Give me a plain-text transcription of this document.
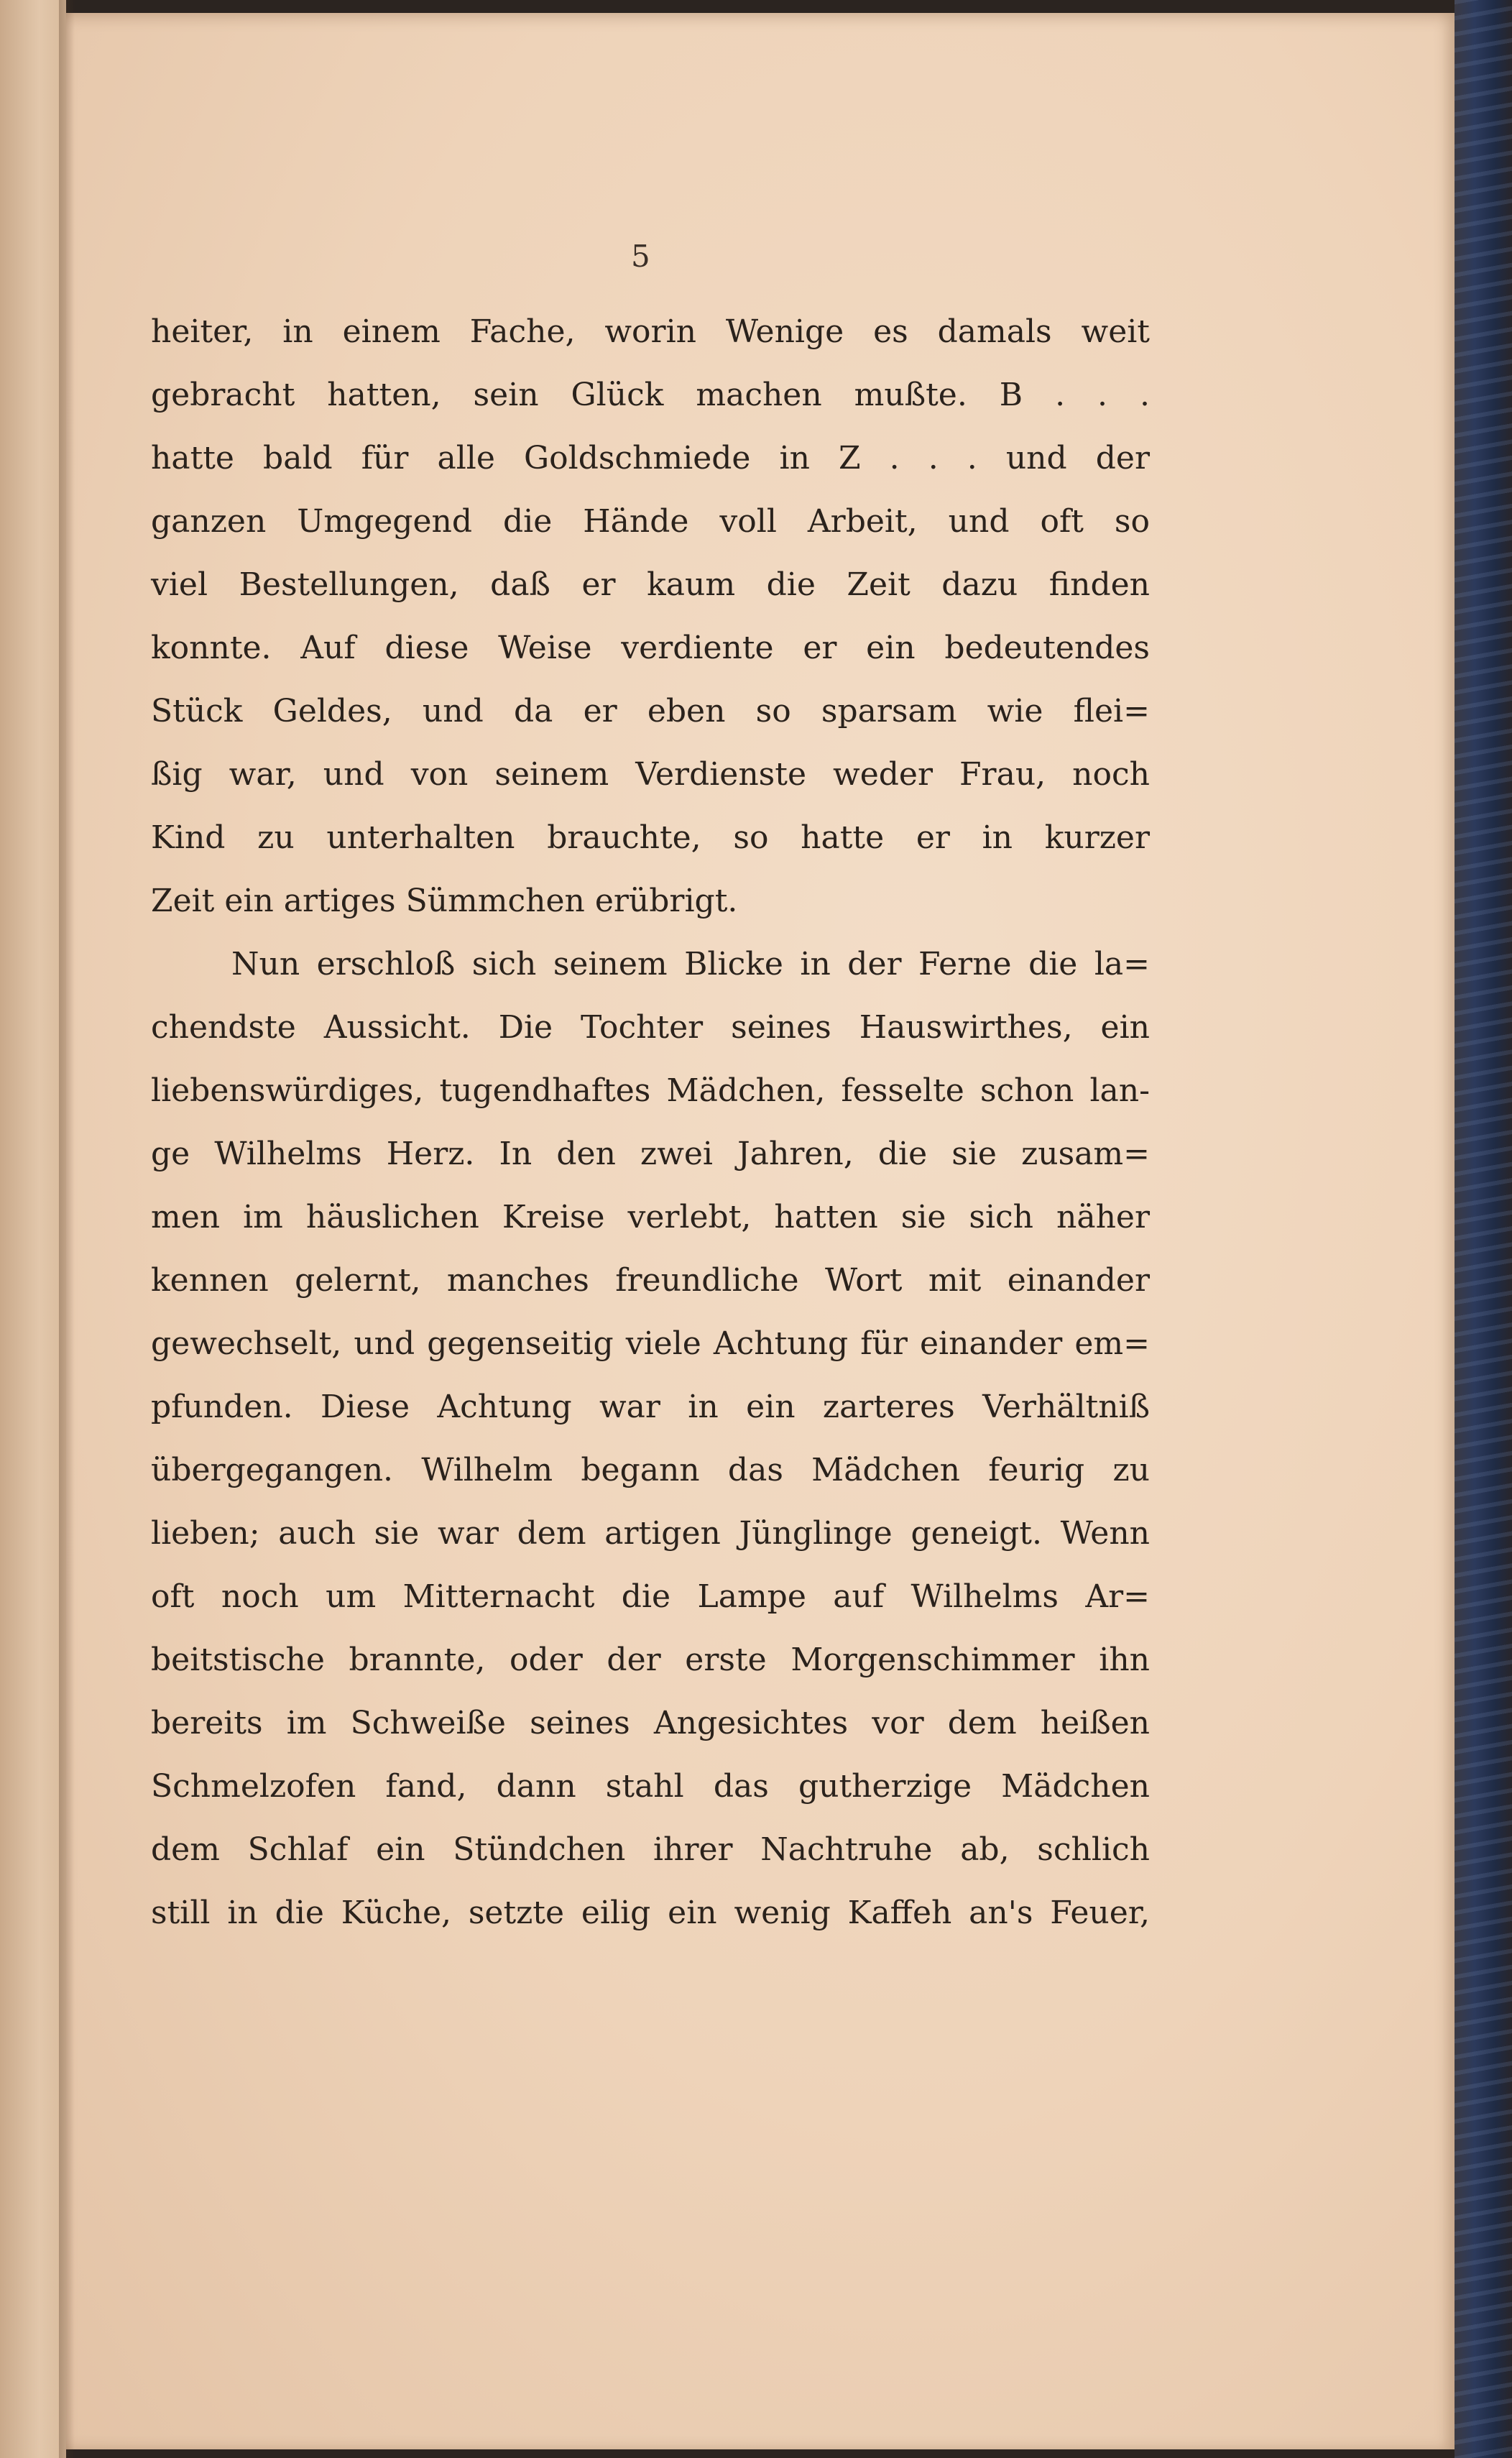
5
heiter, in einem Fache, worin Wenige es damals weit
gebracht hatten, sein Glück machen mußte. B . . .
hatte bald für alle Goldschmiede in Z . . . und der
ganzen Umgegend die Hände voll Arbeit, und oft so
viel Bestellungen, daß er kaum die Zeit dazu finden
konnte. Auf diese Weise verdiente er ein bedeutendes
Stück Geldes, und da er eben so sparsam wie flei=
ßig war, und von seinem Verdienste weder Frau, noch
Kind zu unterhalten brauchte, so hatte er in kurzer
Zeit ein artiges Sümmchen erübrigt.
Nun erschloß sich seinem Blicke in der Ferne die la=
chendste Aussicht. Die Tochter seines Hauswirthes, ein
liebenswürdiges, tugendhaftes Mädchen, fesselte schon lan-
ge Wilhelms Herz. In den zwei Jahren, die sie zusam=
men im häuslichen Kreise verlebt, hatten sie sich näher
kennen gelernt, manches freundliche Wort mit einander
gewechselt, und gegenseitig viele Achtung für einander em=
pfunden. Diese Achtung war in ein zarteres Verhältniß
übergegangen. Wilhelm begann das Mädchen feurig zu
lieben; auch sie war dem artigen Jünglinge geneigt. Wenn
oft noch um Mitternacht die Lampe auf Wilhelms Ar=
beitstische brannte, oder der erste Morgenschimmer ihn
bereits im Schweiße seines Angesichtes vor dem heißen
Schmelzofen fand, dann stahl das gutherzige Mädchen
dem Schlaf ein Stündchen ihrer Nachtruhe ab, schlich
still in die Küche, setzte eilig ein wenig Kaffeh an's Feuer,
